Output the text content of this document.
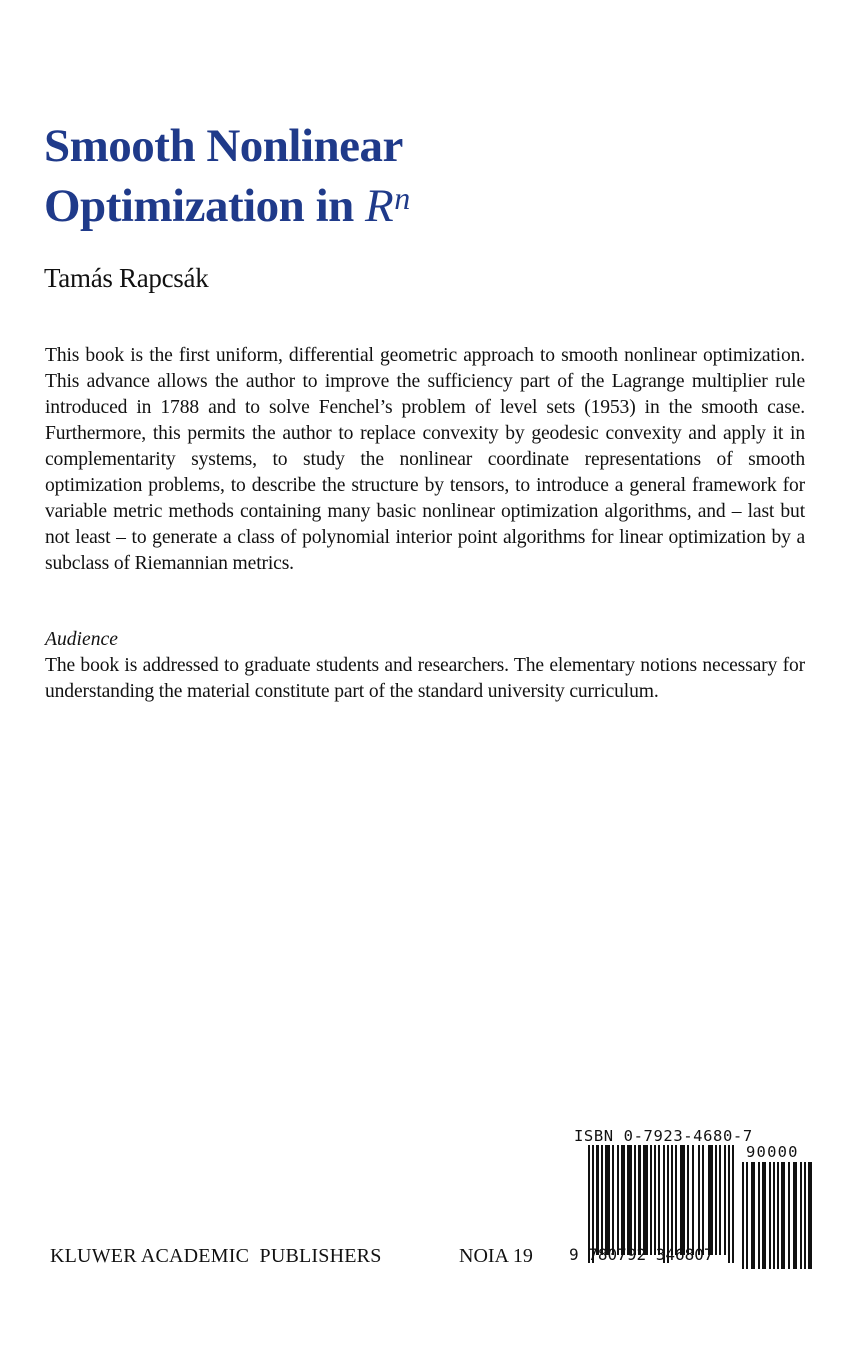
Smooth Nonlinear
Optimization in $R^n$
Tamás Rapcsák

This book is the first uniform, differential geometric approach to smooth nonlinear optimization. This advance allows the author to improve the sufficiency part of the Lagrange multiplier rule introduced in 1788 and to solve Fenchel’s problem of level sets (1953) in the smooth case. Furthermore, this permits the author to replace convexity by geodesic convexity and apply it in complementarity systems, to study the nonlinear coordinate representations of smooth optimization problems, to describe the structure by tensors, to introduce a general framework for variable metric methods containing many basic nonlinear optimization algorithms, and – last but not least – to generate a class of polynomial interior point algorithms for linear optimization by a subclass of Riemannian metrics.

Audience

The book is addressed to graduate students and researchers. The elementary notions necessary for understanding the material constitute part of the standard university curriculum.

ISBN 0-7923-4680-7
90000
9 780792 346807
KLUWER ACADEMIC  PUBLISHERS	NOIA 19
